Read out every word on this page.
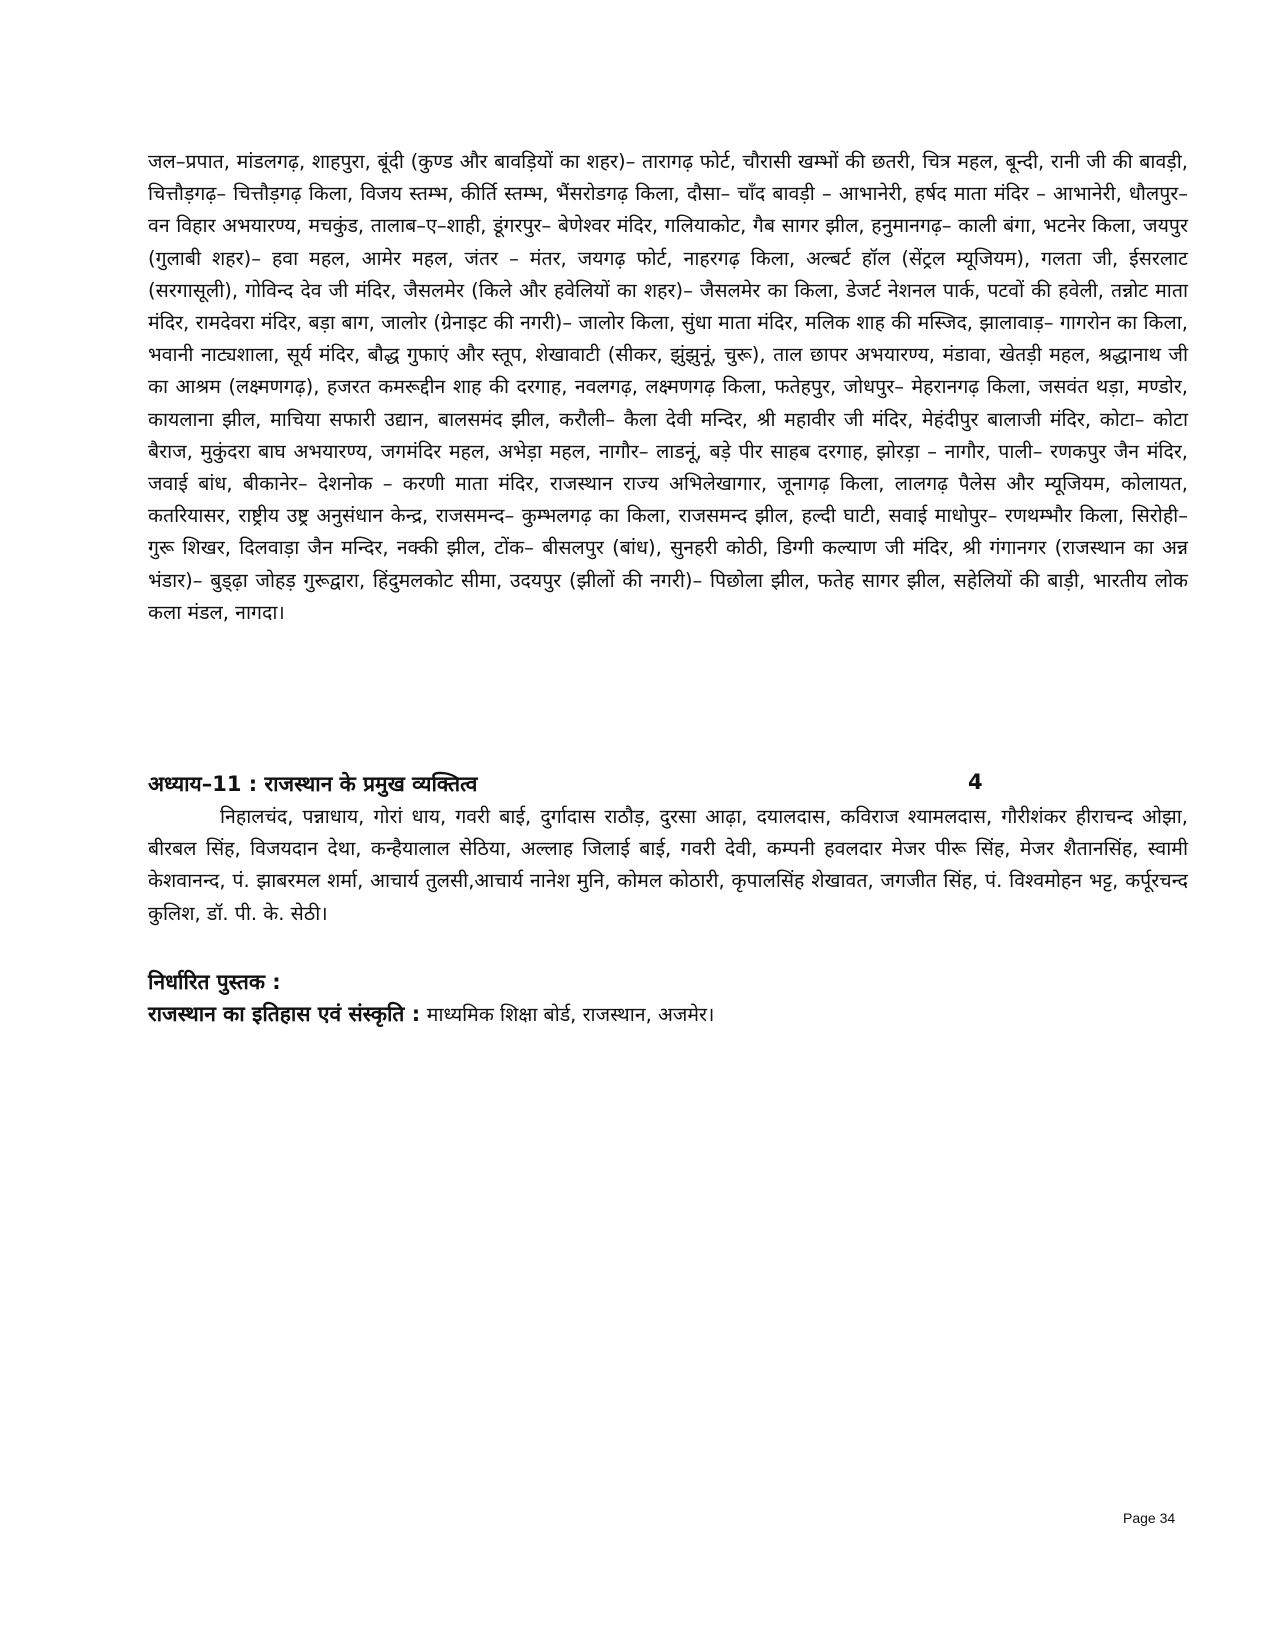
जल–प्रपात, मांडलगढ़, शाहपुरा, बूंदी (कुण्ड और बावड़ियों का शहर)– तारागढ़ फोर्ट, चौरासी खम्भों की छतरी, चित्र महल, बून्दी, रानी जी की बावड़ी, चित्तौड़गढ़– चित्तौड़गढ़ किला, विजय स्तम्भ, कीर्ति स्तम्भ, भैंसरोडगढ़ किला, दौसा– चाँद बावड़ी – आभानेरी, हर्षद माता मंदिर – आभानेरी, धौलपुर– वन विहार अभयारण्य, मचकुंड, तालाब–ए–शाही, डूंगरपुर– बेणेश्वर मंदिर, गलियाकोट, गैब सागर झील, हनुमानगढ़– काली बंगा, भटनेर किला, जयपुर (गुलाबी शहर)– हवा महल, आमेर महल, जंतर – मंतर, जयगढ़ फोर्ट, नाहरगढ़ किला, अल्बर्ट हॉल (सेंट्रल म्यूजियम), गलता जी, ईसरलाट (सरगासूली), गोविन्द देव जी मंदिर, जैसलमेर (किले और हवेलियों का शहर)– जैसलमेर का किला, डेजर्ट नेशनल पार्क, पटवों की हवेली, तन्नोट माता मंदिर, रामदेवरा मंदिर, बड़ा बाग, जालोर (ग्रेनाइट की नगरी)– जालोर किला, सुंधा माता मंदिर, मलिक शाह की मस्जिद, झालावाड़– गागरोन का किला, भवानी नाट्यशाला, सूर्य मंदिर, बौद्ध गुफाएं और स्तूप, शेखावाटी (सीकर, झुंझुनूं, चुरू), ताल छापर अभयारण्य, मंडावा, खेतड़ी महल, श्रद्धानाथ जी का आश्रम (लक्ष्मणगढ़), हजरत कमरूद्दीन शाह की दरगाह, नवलगढ़, लक्ष्मणगढ़ किला, फतेहपुर, जोधपुर– मेहरानगढ़ किला, जसवंत थड़ा, मण्डोर, कायलाना झील, माचिया सफारी उद्यान, बालसमंद झील, करौली– कैला देवी मन्दिर, श्री महावीर जी मंदिर, मेहंदीपुर बालाजी मंदिर, कोटा– कोटा बैराज, मुकुंदरा बाघ अभयारण्य, जगमंदिर महल, अभेड़ा महल, नागौर– लाडनूं, बड़े पीर साहब दरगाह, झोरड़ा – नागौर, पाली– रणकपुर जैन मंदिर, जवाई बांध, बीकानेर– देशनोक – करणी माता मंदिर, राजस्थान राज्य अभिलेखागार, जूनागढ़ किला, लालगढ़ पैलेस और म्यूजियम, कोलायत, कतरियासर, राष्ट्रीय उष्ट्र अनुसंधान केन्द्र, राजसमन्द– कुम्भलगढ़ का किला, राजसमन्द झील, हल्दी घाटी, सवाई माधोपुर– रणथम्भौर किला, सिरोही– गुरू शिखर, दिलवाड़ा जैन मन्दिर, नक्की झील, टोंक– बीसलपुर (बांध), सुनहरी कोठी, डिग्गी कल्याण जी मंदिर, श्री गंगानगर (राजस्थान का अन्न भंडार)– बुड्ढ़ा जोहड़ गुरूद्वारा, हिंदुमलकोट सीमा, उदयपुर (झीलों की नगरी)– पिछोला झील, फतेह सागर झील, सहेलियों की बाड़ी, भारतीय लोक कला मंडल, नागदा।

अध्याय–11 : राजस्थान के प्रमुख व्यक्तित्व	4

निहालचंद, पन्नाधाय, गोरां धाय, गवरी बाई, दुर्गादास राठौड़, दुरसा आढ़ा, दयालदास, कविराज श्यामलदास, गौरीशंकर हीराचन्द ओझा, बीरबल सिंह, विजयदान देथा, कन्हैयालाल सेठिया, अल्लाह जिलाई बाई, गवरी देवी, कम्पनी हवलदार मेजर पीरू सिंह, मेजर शैतानसिंह, स्वामी केशवानन्द, पं. झाबरमल शर्मा, आचार्य तुलसी,आचार्य नानेश मुनि, कोमल कोठारी, कृपालसिंह शेखावत, जगजीत सिंह, पं. विश्वमोहन भट्ट, कर्पूरचन्द कुलिश, डॉ. पी. के. सेठी।

निर्धारित पुस्तक :

राजस्थान का इतिहास एवं संस्कृति : माध्यमिक शिक्षा बोर्ड, राजस्थान, अजमेर।

Page 34
